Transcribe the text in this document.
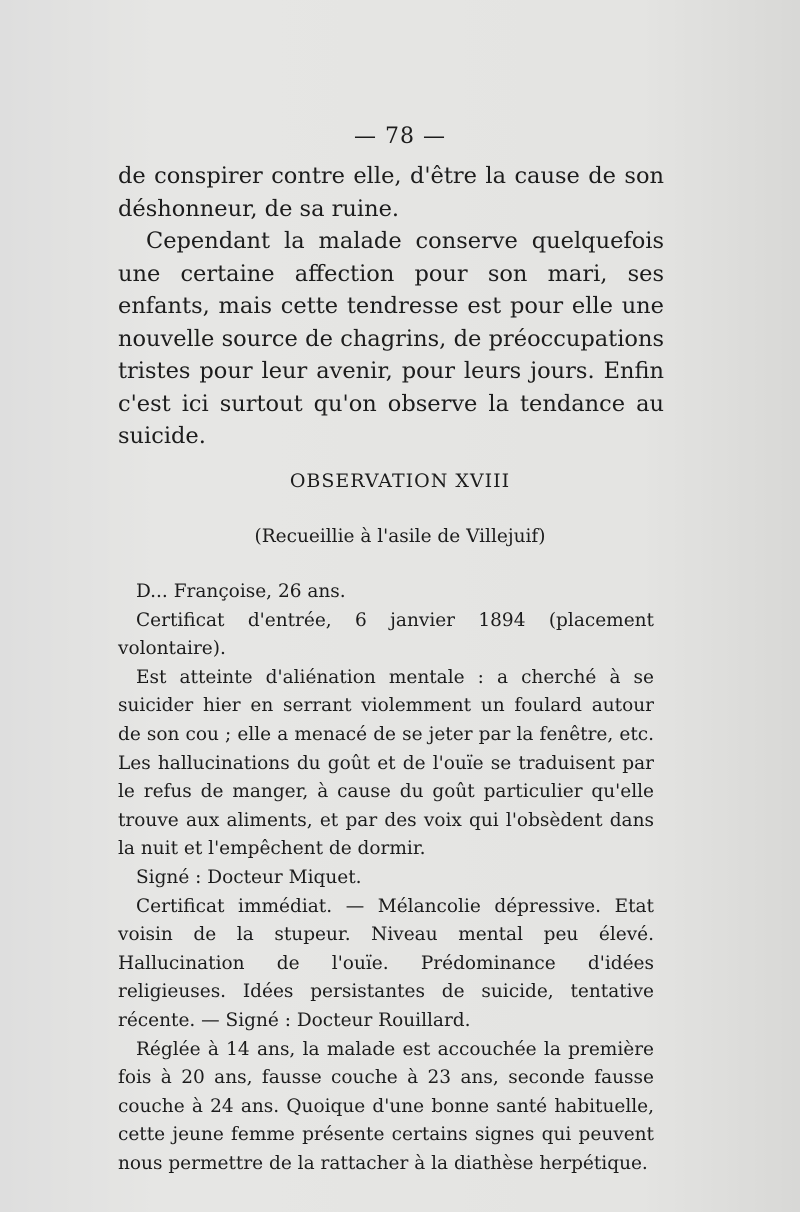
— 78 —

de conspirer contre elle, d'être la cause de son déshonneur, de sa ruine.

Cependant la malade conserve quelquefois une certaine affection pour son mari, ses enfants, mais cette tendresse est pour elle une nouvelle source de chagrins, de préoccupations tristes pour leur avenir, pour leurs jours. Enfin c'est ici surtout qu'on observe la tendance au suicide.

OBSERVATION XVIII
(Recueillie à l'asile de Villejuif)

D... Françoise, 26 ans.

Certificat d'entrée, 6 janvier 1894 (placement volontaire).

Est atteinte d'aliénation mentale : a cherché à se suicider hier en serrant violemment un foulard autour de son cou ; elle a menacé de se jeter par la fenêtre, etc. Les hallucinations du goût et de l'ouïe se traduisent par le refus de manger, à cause du goût particulier qu'elle trouve aux aliments, et par des voix qui l'obsèdent dans la nuit et l'empêchent de dormir.

Signé : Docteur Miquet.

Certificat immédiat. — Mélancolie dépressive. Etat voisin de la stupeur. Niveau mental peu élevé. Hallucination de l'ouïe. Prédominance d'idées religieuses. Idées persistantes de suicide, tentative récente. — Signé : Docteur Rouillard.

Réglée à 14 ans, la malade est accouchée la première fois à 20 ans, fausse couche à 23 ans, seconde fausse couche à 24 ans. Quoique d'une bonne santé habituelle, cette jeune femme présente certains signes qui peuvent nous permettre de la rattacher à la diathèse herpétique.
